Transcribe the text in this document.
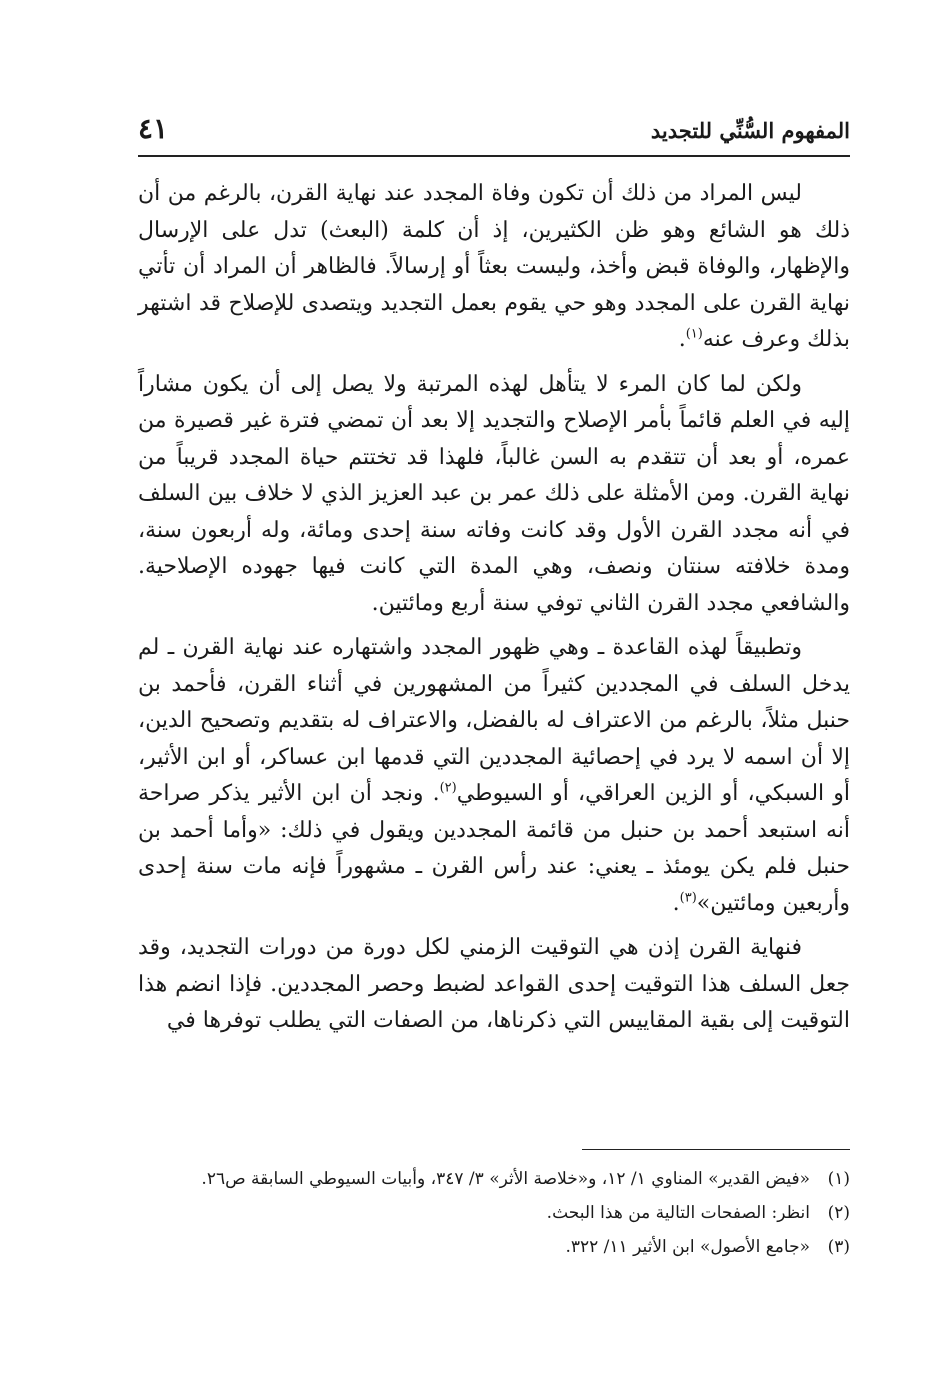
المفهوم السُّنِّي للتجديد
٤١

ليس المراد من ذلك أن تكون وفاة المجدد عند نهاية القرن، بالرغم من أن ذلك هو الشائع وهو ظن الكثيرين، إذ أن كلمة (البعث) تدل على الإرسال والإظهار، والوفاة قبض وأخذ، وليست بعثاً أو إرسالاً. فالظاهر أن المراد أن تأتي نهاية القرن على المجدد وهو حي يقوم بعمل التجديد ويتصدى للإصلاح قد اشتهر بذلك وعرف عنه$^{(١)}$.

ولكن لما كان المرء لا يتأهل لهذه المرتبة ولا يصل إلى أن يكون مشاراً إليه في العلم قائماً بأمر الإصلاح والتجديد إلا بعد أن تمضي فترة غير قصيرة من عمره، أو بعد أن تتقدم به السن غالباً، فلهذا قد تختتم حياة المجدد قريباً من نهاية القرن. ومن الأمثلة على ذلك عمر بن عبد العزيز الذي لا خلاف بين السلف في أنه مجدد القرن الأول وقد كانت وفاته سنة إحدى ومائة، وله أربعون سنة، ومدة خلافته سنتان ونصف، وهي المدة التي كانت فيها جهوده الإصلاحية. والشافعي مجدد القرن الثاني توفي سنة أربع ومائتين.

وتطبيقاً لهذه القاعدة ـ وهي ظهور المجدد واشتهاره عند نهاية القرن ـ لم يدخل السلف في المجددين كثيراً من المشهورين في أثناء القرن، فأحمد بن حنبل مثلاً، بالرغم من الاعتراف له بالفضل، والاعتراف له بتقديم وتصحيح الدين، إلا أن اسمه لا يرد في إحصائية المجددين التي قدمها ابن عساكر، أو ابن الأثير، أو السبكي، أو الزين العراقي، أو السيوطي$^{(٢)}$. ونجد أن ابن الأثير يذكر صراحة أنه استبعد أحمد بن حنبل من قائمة المجددين ويقول في ذلك: «وأما أحمد بن حنبل فلم يكن يومئذ ـ يعني: عند رأس القرن ـ مشهوراً فإنه مات سنة إحدى وأربعين ومائتين»$^{(٣)}$.

فنهاية القرن إذن هي التوقيت الزمني لكل دورة من دورات التجديد، وقد جعل السلف هذا التوقيت إحدى القواعد لضبط وحصر المجددين. فإذا انضم هذا التوقيت إلى بقية المقاييس التي ذكرناها، من الصفات التي يطلب توفرها في

(١)
«فيض القدير» المناوي ١/ ١٢، و«خلاصة الأثر» ٣/ ٣٤٧، وأبيات السيوطي السابقة ص٢٦.
(٢)
انظر: الصفحات التالية من هذا البحث.
(٣)
«جامع الأصول» ابن الأثير ١١/ ٣٢٢.
